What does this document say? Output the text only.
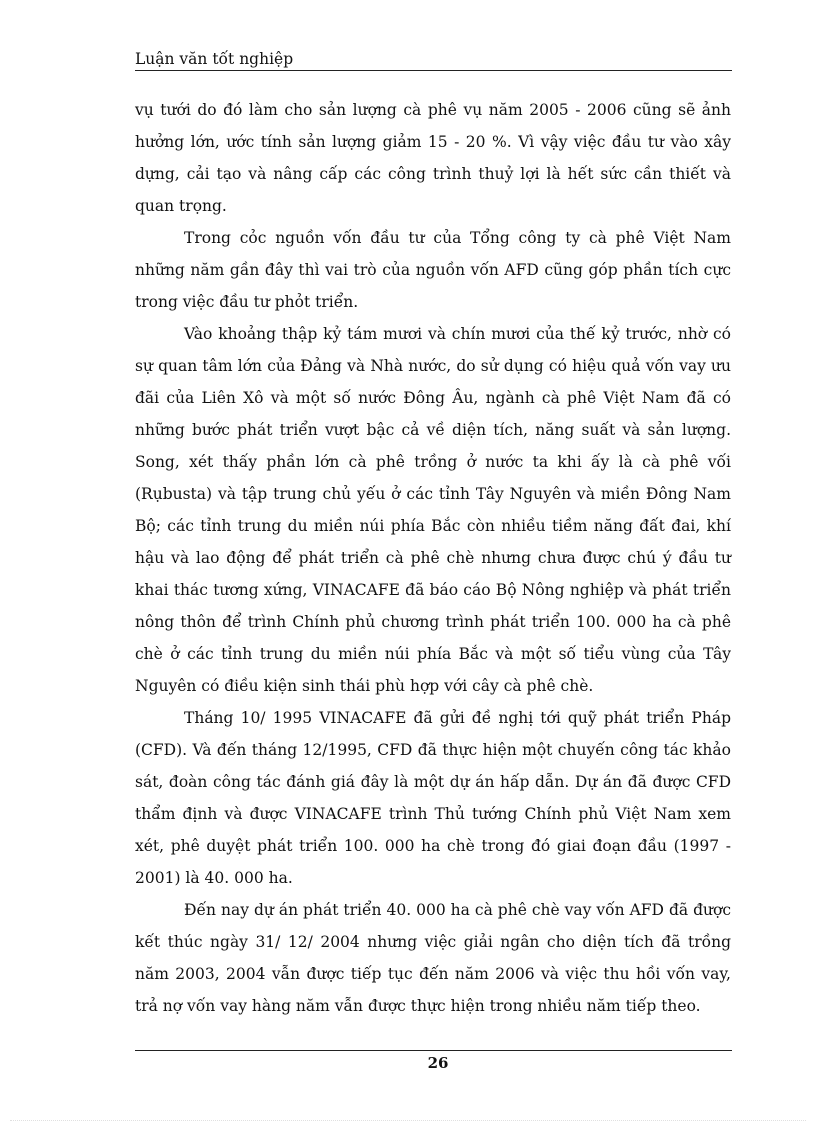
Luận văn tốt nghiệp

vụ tưới do đó làm cho sản lượng cà phê vụ năm 2005 - 2006 cũng sẽ ảnh hưởng lớn, ước tính sản lượng giảm 15 - 20 %. Vì vậy việc đầu tư vào xây dựng, cải tạo và nâng cấp các công trình thuỷ lợi là hết sức cần thiết và quan trọng.

Trong cỏc nguồn vốn đầu tư của Tổng công ty cà phê Việt Nam những năm gần đây thì vai trò của nguồn vốn AFD cũng góp phần tích cực trong việc đầu tư phỏt triển.

Vào khoảng thập kỷ tám mươi và chín mươi của thế kỷ trước, nhờ có sự quan tâm lớn của Đảng và Nhà nước, do sử dụng có hiệu quả vốn vay ưu đãi của Liên Xô và một số nước Đông Âu, ngành cà phê Việt Nam đã có những bước phát triển vượt bậc cả về diện tích, năng suất và sản lượng. Song, xét thấy phần lớn cà phê trồng ở nước ta khi ấy là cà phê vối (Rụbusta) và tập trung chủ yếu ở các tỉnh Tây Nguyên và miền Đông Nam Bộ; các tỉnh trung du miền núi phía Bắc còn nhiều tiềm năng đất đai, khí hậu và lao động để phát triển cà phê chè nhưng chưa được chú ý đầu tư khai thác tương xứng, VINACAFE đã báo cáo Bộ Nông nghiệp và phát triển nông thôn để trình Chính phủ chương trình phát triển 100. 000 ha cà phê chè ở các tỉnh trung du miền núi phía Bắc và một số tiểu vùng của Tây Nguyên có điều kiện sinh thái phù hợp với cây cà phê chè.

Tháng 10/ 1995 VINACAFE đã gửi đề nghị tới quỹ phát triển Pháp (CFD). Và đến tháng 12/1995, CFD đã thực hiện một chuyến công tác khảo sát, đoàn công tác đánh giá đây là một dự án hấp dẫn. Dự án đã được CFD thẩm định và được VINACAFE trình Thủ tướng Chính phủ Việt Nam xem xét, phê duyệt phát triển 100. 000 ha chè trong đó giai đoạn đầu (1997 - 2001) là 40. 000 ha.

Đến nay dự án phát triển 40. 000 ha cà phê chè vay vốn AFD đã được kết thúc ngày 31/ 12/ 2004 nhưng việc giải ngân cho diện tích đã trồng năm 2003, 2004 vẫn được tiếp tục đến năm 2006 và việc thu hồi vốn vay, trả nợ vốn vay hàng năm vẫn được thực hiện trong nhiều năm tiếp theo.

26
